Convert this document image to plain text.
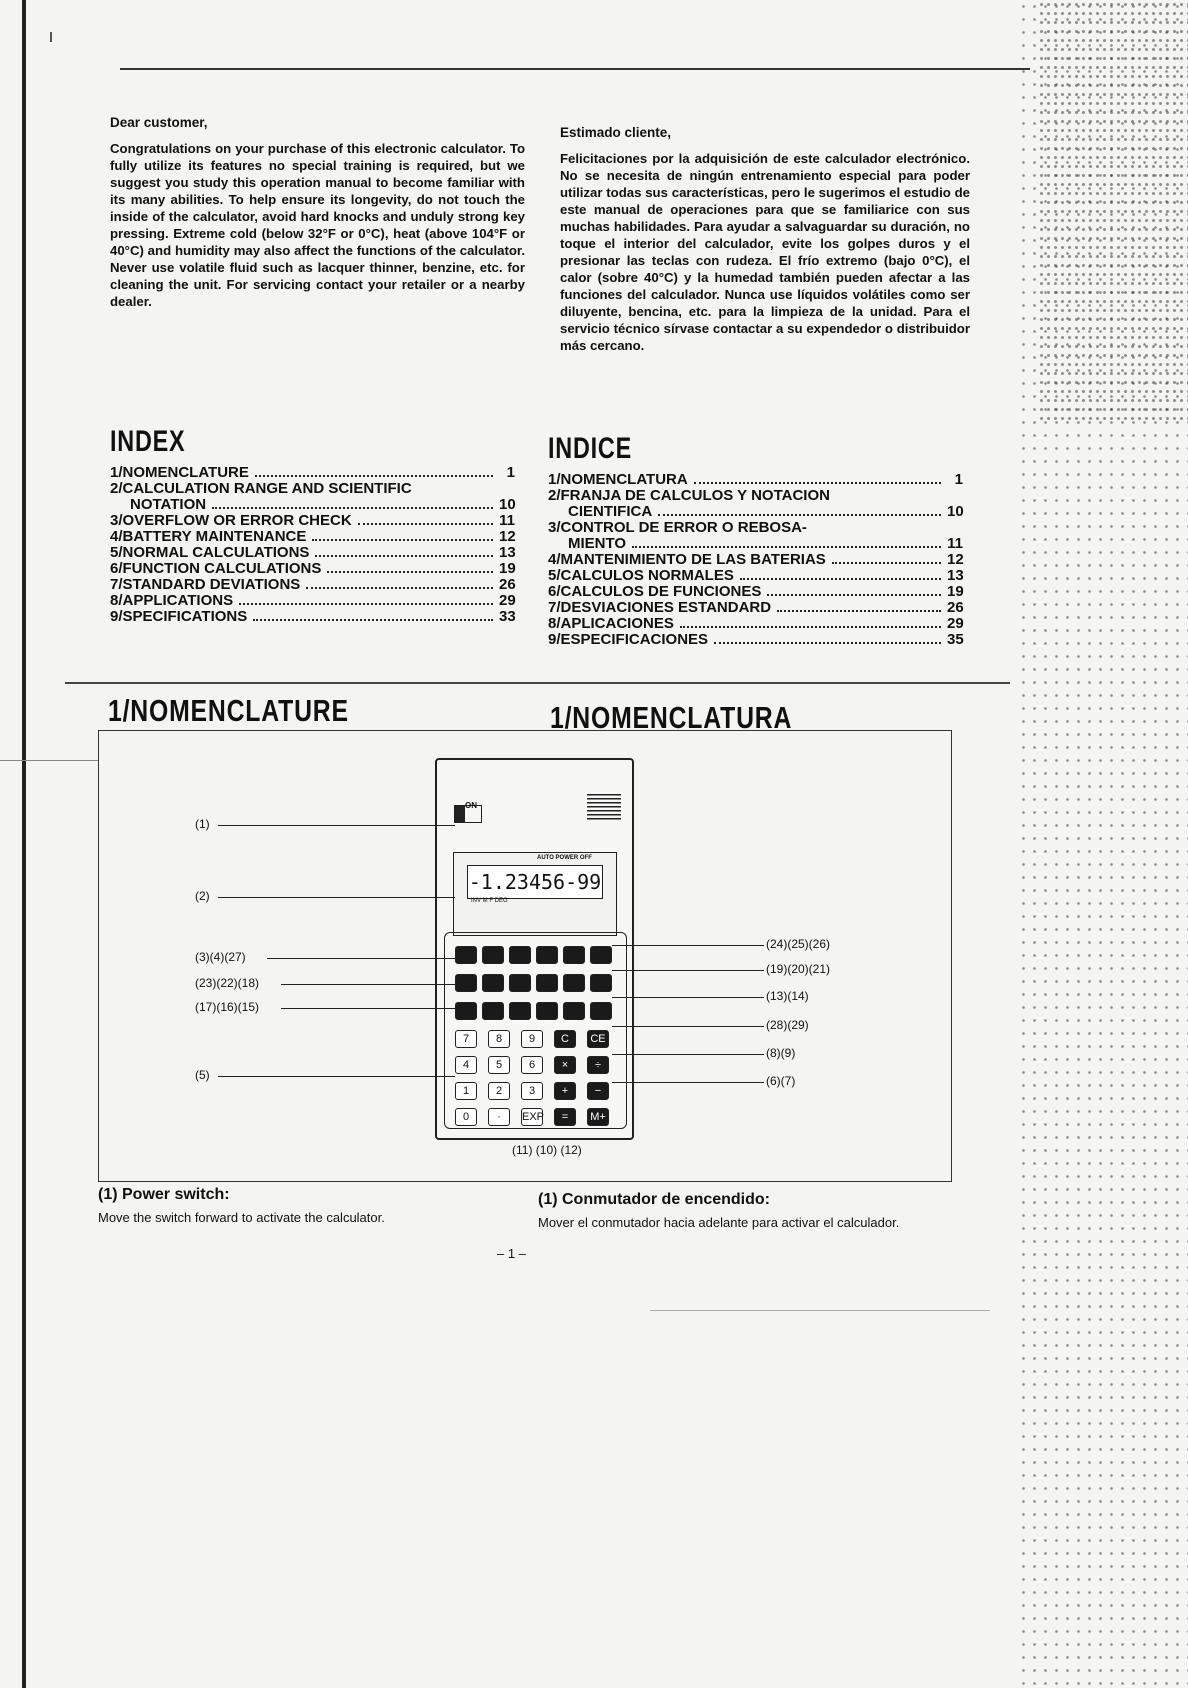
Dear customer,

Congratulations on your purchase of this electronic calculator. To fully utilize its features no special training is required, but we suggest you study this operation manual to become familiar with its many abilities. To help ensure its longevity, do not touch the inside of the calculator, avoid hard knocks and unduly strong key pressing. Extreme cold (below 32°F or 0°C), heat (above 104°F or 40°C) and humidity may also affect the functions of the calculator. Never use volatile fluid such as lacquer thinner, benzine, etc. for cleaning the unit. For servicing contact your retailer or a nearby dealer.

Estimado cliente,

Felicitaciones por la adquisición de este calculador electrónico. No se necesita de ningún entrenamiento especial para poder utilizar todas sus características, pero le sugerimos el estudio de este manual de operaciones para que se familiarice con sus muchas habilidades. Para ayudar a salvaguardar su duración, no toque el interior del calculador, evite los golpes duros y el presionar las teclas con rudeza. El frío extremo (bajo 0°C), el calor (sobre 40°C) y la humedad también pueden afectar a las funciones del calculador. Nunca use líquidos volátiles como ser diluyente, bencina, etc. para la limpieza de la unidad. Para el servicio técnico sírvase contactar a su expendedor o distribuidor más cercano.

INDEX
1/NOMENCLATURE	1
2/CALCULATION RANGE AND SCIENTIFIC
NOTATION	10
3/OVERFLOW OR ERROR CHECK	11
4/BATTERY MAINTENANCE	12
5/NORMAL CALCULATIONS	13
6/FUNCTION CALCULATIONS	19
7/STANDARD DEVIATIONS	26
8/APPLICATIONS	29
9/SPECIFICATIONS	33
INDICE
1/NOMENCLATURA	1
2/FRANJA DE CALCULOS Y NOTACION
CIENTIFICA	10
3/CONTROL DE ERROR O REBOSA-
MIENTO	11
4/MANTENIMIENTO DE LAS BATERIAS	12
5/CALCULOS NORMALES	13
6/CALCULOS DE FUNCIONES	19
7/DESVIACIONES ESTANDARD	26
8/APLICACIONES	29
9/ESPECIFICACIONES	35
1/NOMENCLATURE	1/NOMENCLATURA
ON
AUTO POWER OFF
-1.23456-99
INV M F DEG
7	8	9	C	CE
4	5	6	×	÷
1	2	3	+	−
0	·	EXP	=	M+
(1)
(2)
(3)(4)(27)
(23)(22)(18)
(17)(16)(15)
(5)
(24)(25)(26)
(19)(20)(21)
(13)(14)
(28)(29)
(8)(9)
(6)(7)
(11) (10) (12)
(1) Power switch:
Move the switch forward to activate the calculator.
(1) Conmutador de encendido:
Mover el conmutador hacia adelante para activar el calculador.
– 1 –
